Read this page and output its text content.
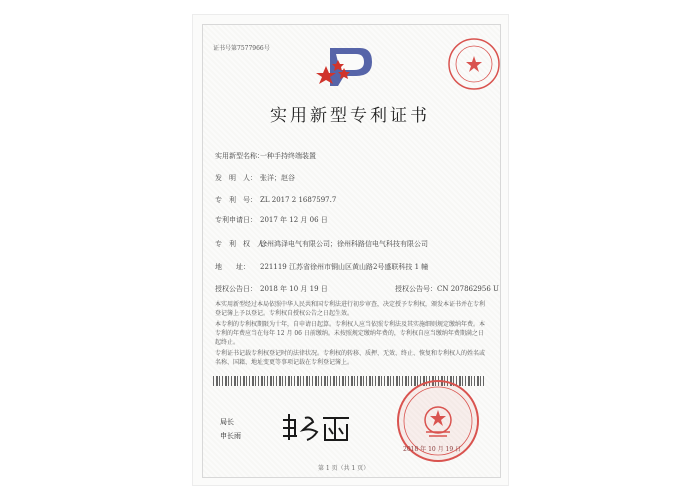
证书号第7577966号
实用新型专利证书
实用新型名称：
一种手持终端装置
发　明　人： 张洋；赵谷
专　利　号： ZL 2017 2 1687597.7
专利申请日： 2017 年 12 月 06 日
专　利　权　人：
徐州鸿泽电气有限公司；徐州科路信电气科技有限公司
地　　址： 221119 江苏省徐州市铜山区黄山路2号盛联科技 1 幢
授权公告日： 2018 年 10 月 19 日	授权公告号：CN 207862956 U
本实用新型经过本局依照中华人民共和国专利法进行初步审查，决定授予专利权，颁发本证书并在专利登记簿上予以登记。专利权自授权公告之日起生效。
本专利的专利权期限为十年，自申请日起算。专利权人应当依照专利法及其实施细则规定缴纳年费。本专利的年费应当在每年 12 月 06 日前缴纳。未按照规定缴纳年费的，专利权自应当缴纳年费期满之日起终止。
专利证书记载专利权登记时的法律状况。专利权的转移、质押、无效、终止、恢复和专利权人的姓名或名称、国籍、地址变更等事项记载在专利登记簿上。
局长
申长雨
2018 年 10 月 19 日
第 1 页（共 1 页）
